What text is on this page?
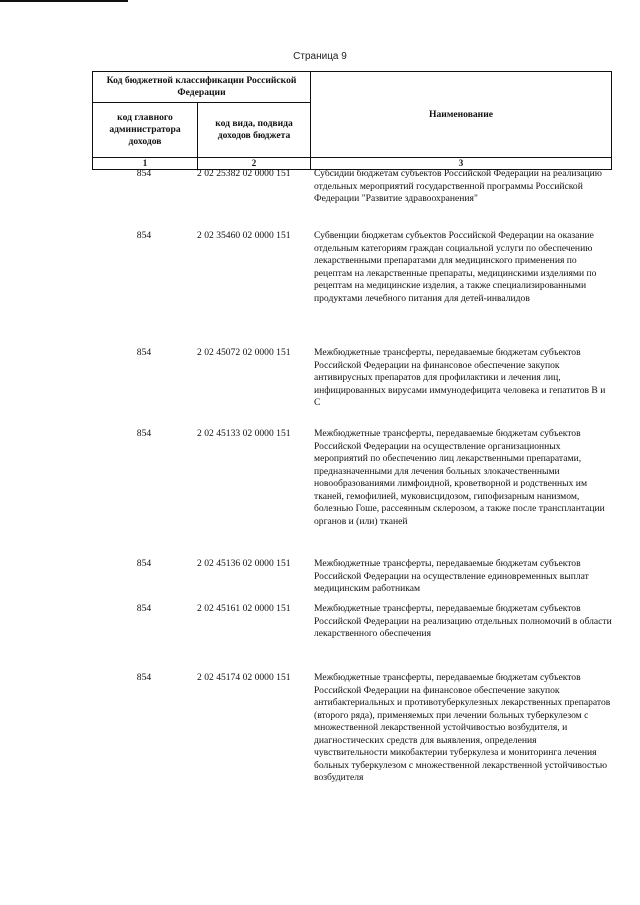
Страница 9
Код бюджетной классификации Российской Федерации		Наименование
код главного администратора доходов	код вида, подвида доходов бюджета	
1	2	3
854	2 02 25382 02 0000 151	Субсидии бюджетам субъектов Российской Федерации на реализацию отдельных мероприятий государственной программы Российской Федерации "Развитие здравоохранения"
854	2 02 35460 02 0000 151	Субвенции бюджетам субъектов Российской Федерации на оказание отдельным категориям граждан социальной услуги по обеспечению лекарственными препаратами для медицинского применения по рецептам на лекарственные препараты, медицинскими изделиями по рецептам на медицинские изделия, а также специализированными продуктами лечебного питания для детей-инвалидов
854	2 02 45072 02 0000 151	Межбюджетные трансферты, передаваемые бюджетам субъектов Российской Федерации на финансовое обеспечение закупок антивирусных препаратов для профилактики и лечения лиц, инфицированных вирусами иммунодефицита человека и гепатитов В и С
854	2 02 45133 02 0000 151	Межбюджетные трансферты, передаваемые бюджетам субъектов Российской Федерации на осуществление организационных мероприятий по обеспечению лиц лекарственными препаратами, предназначенными для лечения больных злокачественными новообразованиями лимфоидной, кроветворной и родственных им тканей, гемофилией, муковисцидозом, гипофизарным нанизмом, болезнью Гоше, рассеянным склерозом, а также после трансплантации органов и (или) тканей
854	2 02 45136 02 0000 151	Межбюджетные трансферты, передаваемые бюджетам субъектов Российской Федерации на осуществление единовременных выплат медицинским работникам
854	2 02 45161 02 0000 151	Межбюджетные трансферты, передаваемые бюджетам субъектов Российской Федерации на реализацию отдельных полномочий в области лекарственного обеспечения
854	2 02 45174 02 0000 151	Межбюджетные трансферты, передаваемые бюджетам субъектов Российской Федерации на финансовое обеспечение закупок антибактериальных и противотуберкулезных лекарственных препаратов (второго ряда), применяемых при лечении больных туберкулезом с множественной лекарственной устойчивостью возбудителя, и диагностических средств для выявления, определения чувствительности микобактерии туберкулеза и мониторинга лечения больных туберкулезом с множественной лекарственной устойчивостью возбудителя
